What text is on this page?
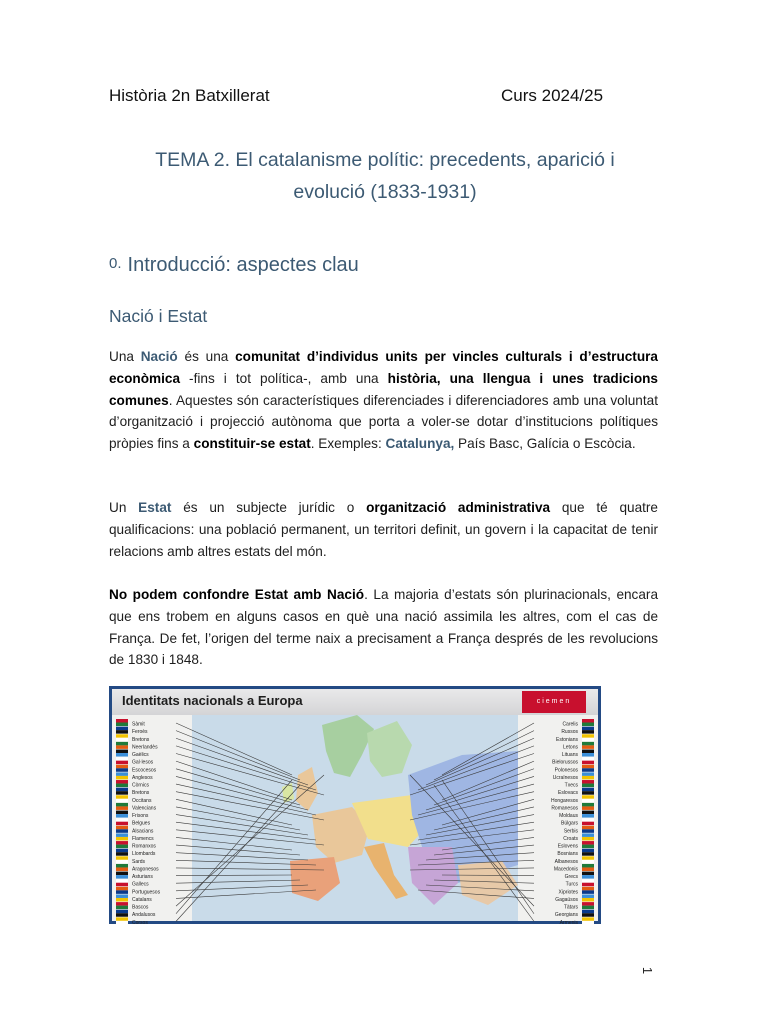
Història 2n Batxillerat	Curs 2024/25
TEMA 2. El catalanisme polític: precedents, aparició i
evolució (1833-1931)
0. Introducció: aspectes clau
Nació i Estat
Una Nació és una comunitat d’individus units per vincles culturals i d’estructura econòmica -fins i tot política-, amb una història, una llengua i unes tradicions comunes. Aquestes són característiques diferenciades i diferenciadores amb una voluntat d’organització i projecció autònoma que porta a voler-se dotar d’institucions polítiques pròpies fins a constituir-se estat. Exemples: Catalunya, País Basc, Galícia o Escòcia.
Un Estat és un subjecte jurídic o organització administrativa que té quatre qualificacions: una població permanent, un territori definit, un govern i la capacitat de tenir relacions amb altres estats del món.
No podem confondre Estat amb Nació. La majoria d’estats són plurinacionals, encara que ens trobem en alguns casos en què una nació assimila les altres, com el cas de França. De fet, l’origen del terme naix a precisament a França després de les revolucions de 1830 i 1848.
Identitats nacionals a Europa	ciemen
Sàmit
Feroès
Bretons
Neerlandès
Gaèlics
Gal·lesos
Escocesos
Anglesos
Còrnics
Bretons
Occitans
Valencians
Frisons
Belgues
Alsacians
Flamencs
Romanxos
Llombards
Sards
Aragonesos
Asturians
Gallecs
Portuguesos
Catalans
Bascos
Andalusos
Corsos
Carelis
Russos
Estonians
Letons
Lituans
Bielorussos
Polonesos
Ucraïnesos
Txecs
Eslovacs
Hongaresos
Romanesos
Moldaus
Búlgars
Serbis
Croats
Eslovens
Bosnians
Albanesos
Macedonis
Grecs
Turcs
Xipriotes
Gagaüsos
Tàtars
Georgians
Armenis
1
